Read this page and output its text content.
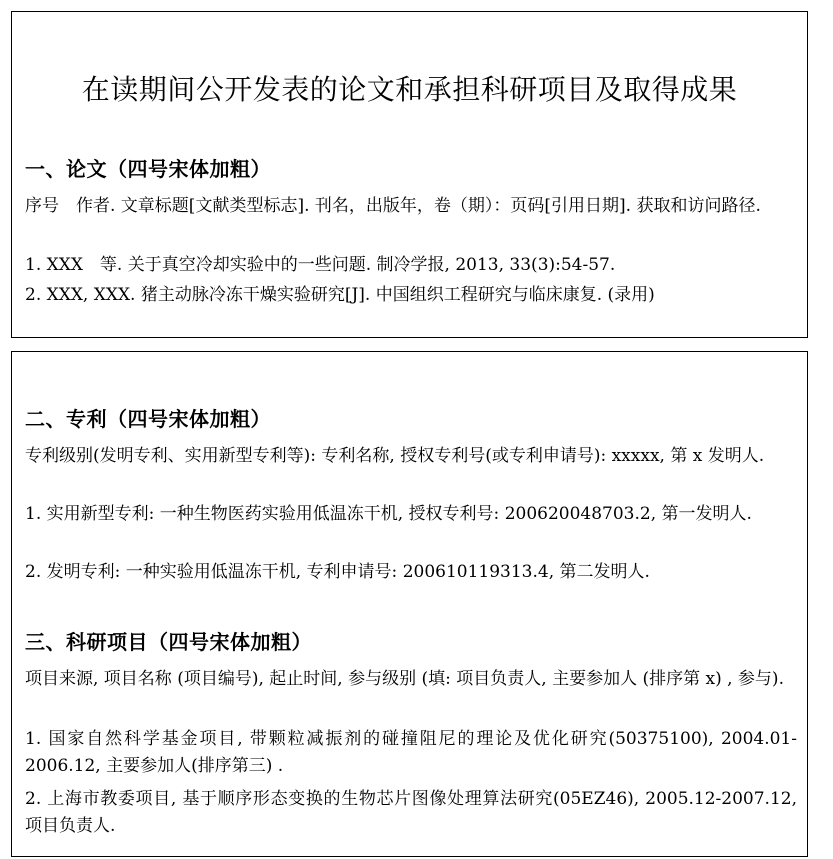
在读期间公开发表的论文和承担科研项目及取得成果
一、论文（四号宋体加粗）
序号　作者. 文章标题[文献类型标志]. 刊名，出版年，卷（期）：页码[引用日期]. 获取和访问路径.
1. XXX　等. 关于真空冷却实验中的一些问题. 制冷学报, 2013, 33(3):54-57.
2. XXX, XXX. 猪主动脉冷冻干燥实验研究[J]. 中国组织工程研究与临床康复. (录用)
二、专利（四号宋体加粗）
专利级别(发明专利、实用新型专利等): 专利名称, 授权专利号(或专利申请号): xxxxx, 第 x 发明人.
1. 实用新型专利: 一种生物医药实验用低温冻干机, 授权专利号: 200620048703.2, 第一发明人.
2. 发明专利: 一种实验用低温冻干机, 专利申请号: 200610119313.4, 第二发明人.
三、科研项目（四号宋体加粗）
项目来源, 项目名称 (项目编号), 起止时间, 参与级别 (填: 项目负责人, 主要参加人 (排序第 x) , 参与).
1. 国家自然科学基金项目, 带颗粒减振剂的碰撞阻尼的理论及优化研究(50375100), 2004.01-2006.12, 主要参加人(排序第三) .
2. 上海市教委项目, 基于顺序形态变换的生物芯片图像处理算法研究(05EZ46), 2005.12-2007.12, 项目负责人.
